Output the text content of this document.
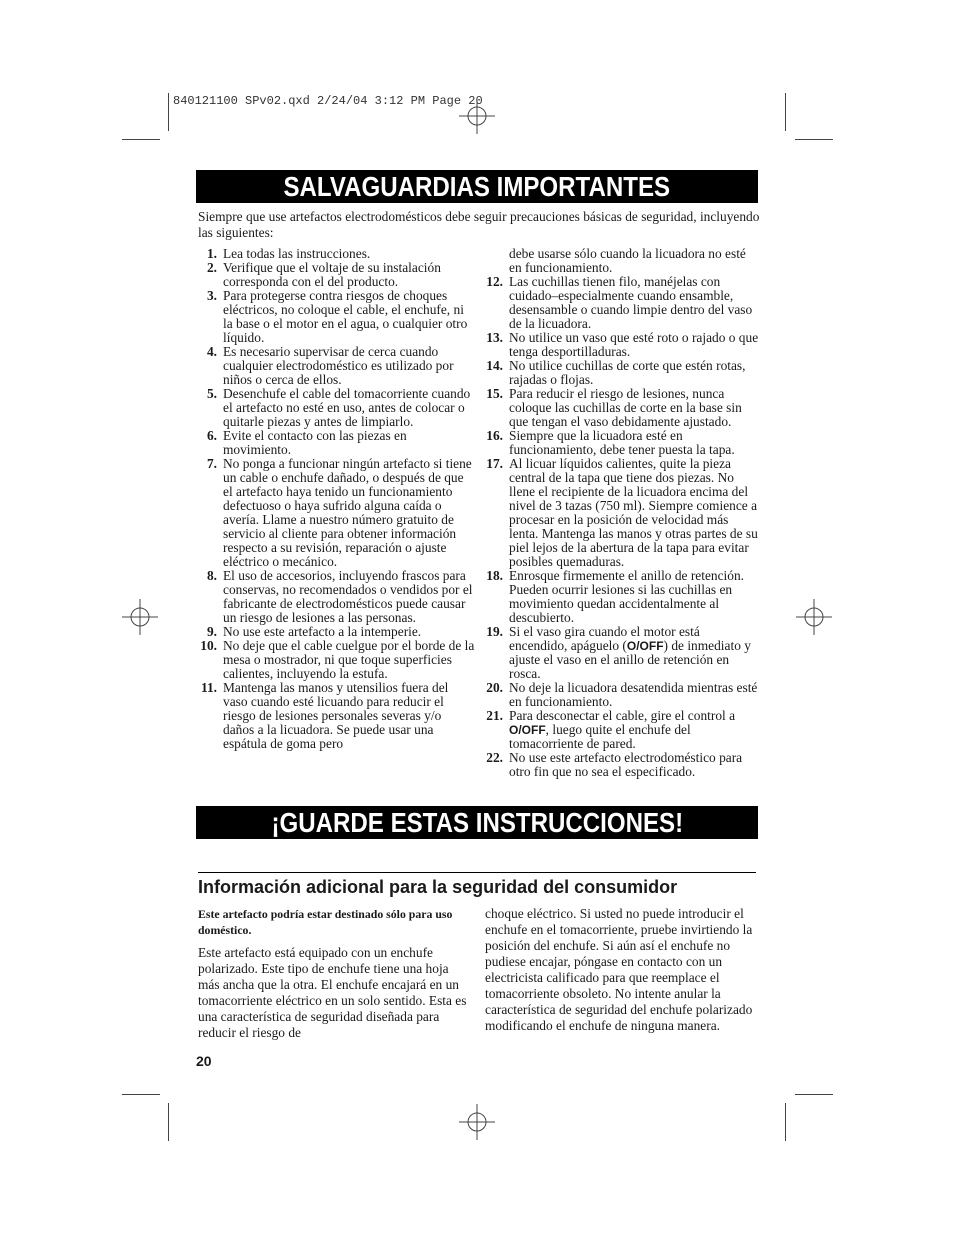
840121100 SPv02.qxd 2/24/04 3:12 PM Page 20
SALVAGUARDIAS IMPORTANTES
Siempre que use artefactos electrodomésticos debe seguir precauciones básicas de seguridad, incluyendo las siguientes:
1. Lea todas las instrucciones.
2. Verifique que el voltaje de su instalación corresponda con el del producto.
3. Para protegerse contra riesgos de choques eléctricos, no coloque el cable, el enchufe, ni la base o el motor en el agua, o cualquier otro líquido.
4. Es necesario supervisar de cerca cuando cualquier electrodoméstico es utilizado por niños o cerca de ellos.
5. Desenchufe el cable del tomacorriente cuando el artefacto no esté en uso, antes de colocar o quitarle piezas y antes de limpiarlo.
6. Evite el contacto con las piezas en movimiento.
7. No ponga a funcionar ningún artefacto si tiene un cable o enchufe dañado, o después de que el artefacto haya tenido un funcionamiento defectuoso o haya sufrido alguna caída o avería. Llame a nuestro número gratuito de servicio al cliente para obtener información respecto a su revisión, reparación o ajuste eléctrico o mecánico.
8. El uso de accesorios, incluyendo frascos para conservas, no recomendados o vendidos por el fabricante de electrodomésticos puede causar un riesgo de lesiones a las personas.
9. No use este artefacto a la intemperie.
10. No deje que el cable cuelgue por el borde de la mesa o mostrador, ni que toque superficies calientes, incluyendo la estufa.
11. Mantenga las manos y utensilios fuera del vaso cuando esté licuando para reducir el riesgo de lesiones personales severas y/o daños a la licuadora. Se puede usar una espátula de goma pero
debe usarse sólo cuando la licuadora no esté en funcionamiento.
12. Las cuchillas tienen filo, manéjelas con cuidado–especialmente cuando ensamble, desensamble o cuando limpie dentro del vaso de la licuadora.
13. No utilice un vaso que esté roto o rajado o que tenga desportilladuras.
14. No utilice cuchillas de corte que estén rotas, rajadas o flojas.
15. Para reducir el riesgo de lesiones, nunca coloque las cuchillas de corte en la base sin que tengan el vaso debidamente ajustado.
16. Siempre que la licuadora esté en funcionamiento, debe tener puesta la tapa.
17. Al licuar líquidos calientes, quite la pieza central de la tapa que tiene dos piezas. No llene el recipiente de la licuadora encima del nivel de 3 tazas (750 ml). Siempre comience a procesar en la posición de velocidad más lenta. Mantenga las manos y otras partes de su piel lejos de la abertura de la tapa para evitar posibles quemaduras.
18. Enrosque firmemente el anillo de retención. Pueden ocurrir lesiones si las cuchillas en movimiento quedan accidentalmente al descubierto.
19. Si el vaso gira cuando el motor está encendido, apáguelo (O/OFF) de inmediato y ajuste el vaso en el anillo de retención en rosca.
20. No deje la licuadora desatendida mientras esté en funcionamiento.
21. Para desconectar el cable, gire el control a O/OFF, luego quite el enchufe del tomacorriente de pared.
22. No use este artefacto electrodoméstico para otro fin que no sea el especificado.
¡GUARDE ESTAS INSTRUCCIONES!
Información adicional para la seguridad del consumidor
Este artefacto podría estar destinado sólo para uso doméstico.
Este artefacto está equipado con un enchufe polarizado. Este tipo de enchufe tiene una hoja más ancha que la otra. El enchufe encajará en un tomacorriente eléctrico en un solo sentido. Esta es una característica de seguridad diseñada para reducir el riesgo de
choque eléctrico. Si usted no puede introducir el enchufe en el tomacorriente, pruebe invirtiendo la posición del enchufe. Si aún así el enchufe no pudiese encajar, póngase en contacto con un electricista calificado para que reemplace el tomacorriente obsoleto. No intente anular la característica de seguridad del enchufe polarizado modificando el enchufe de ninguna manera.
20
